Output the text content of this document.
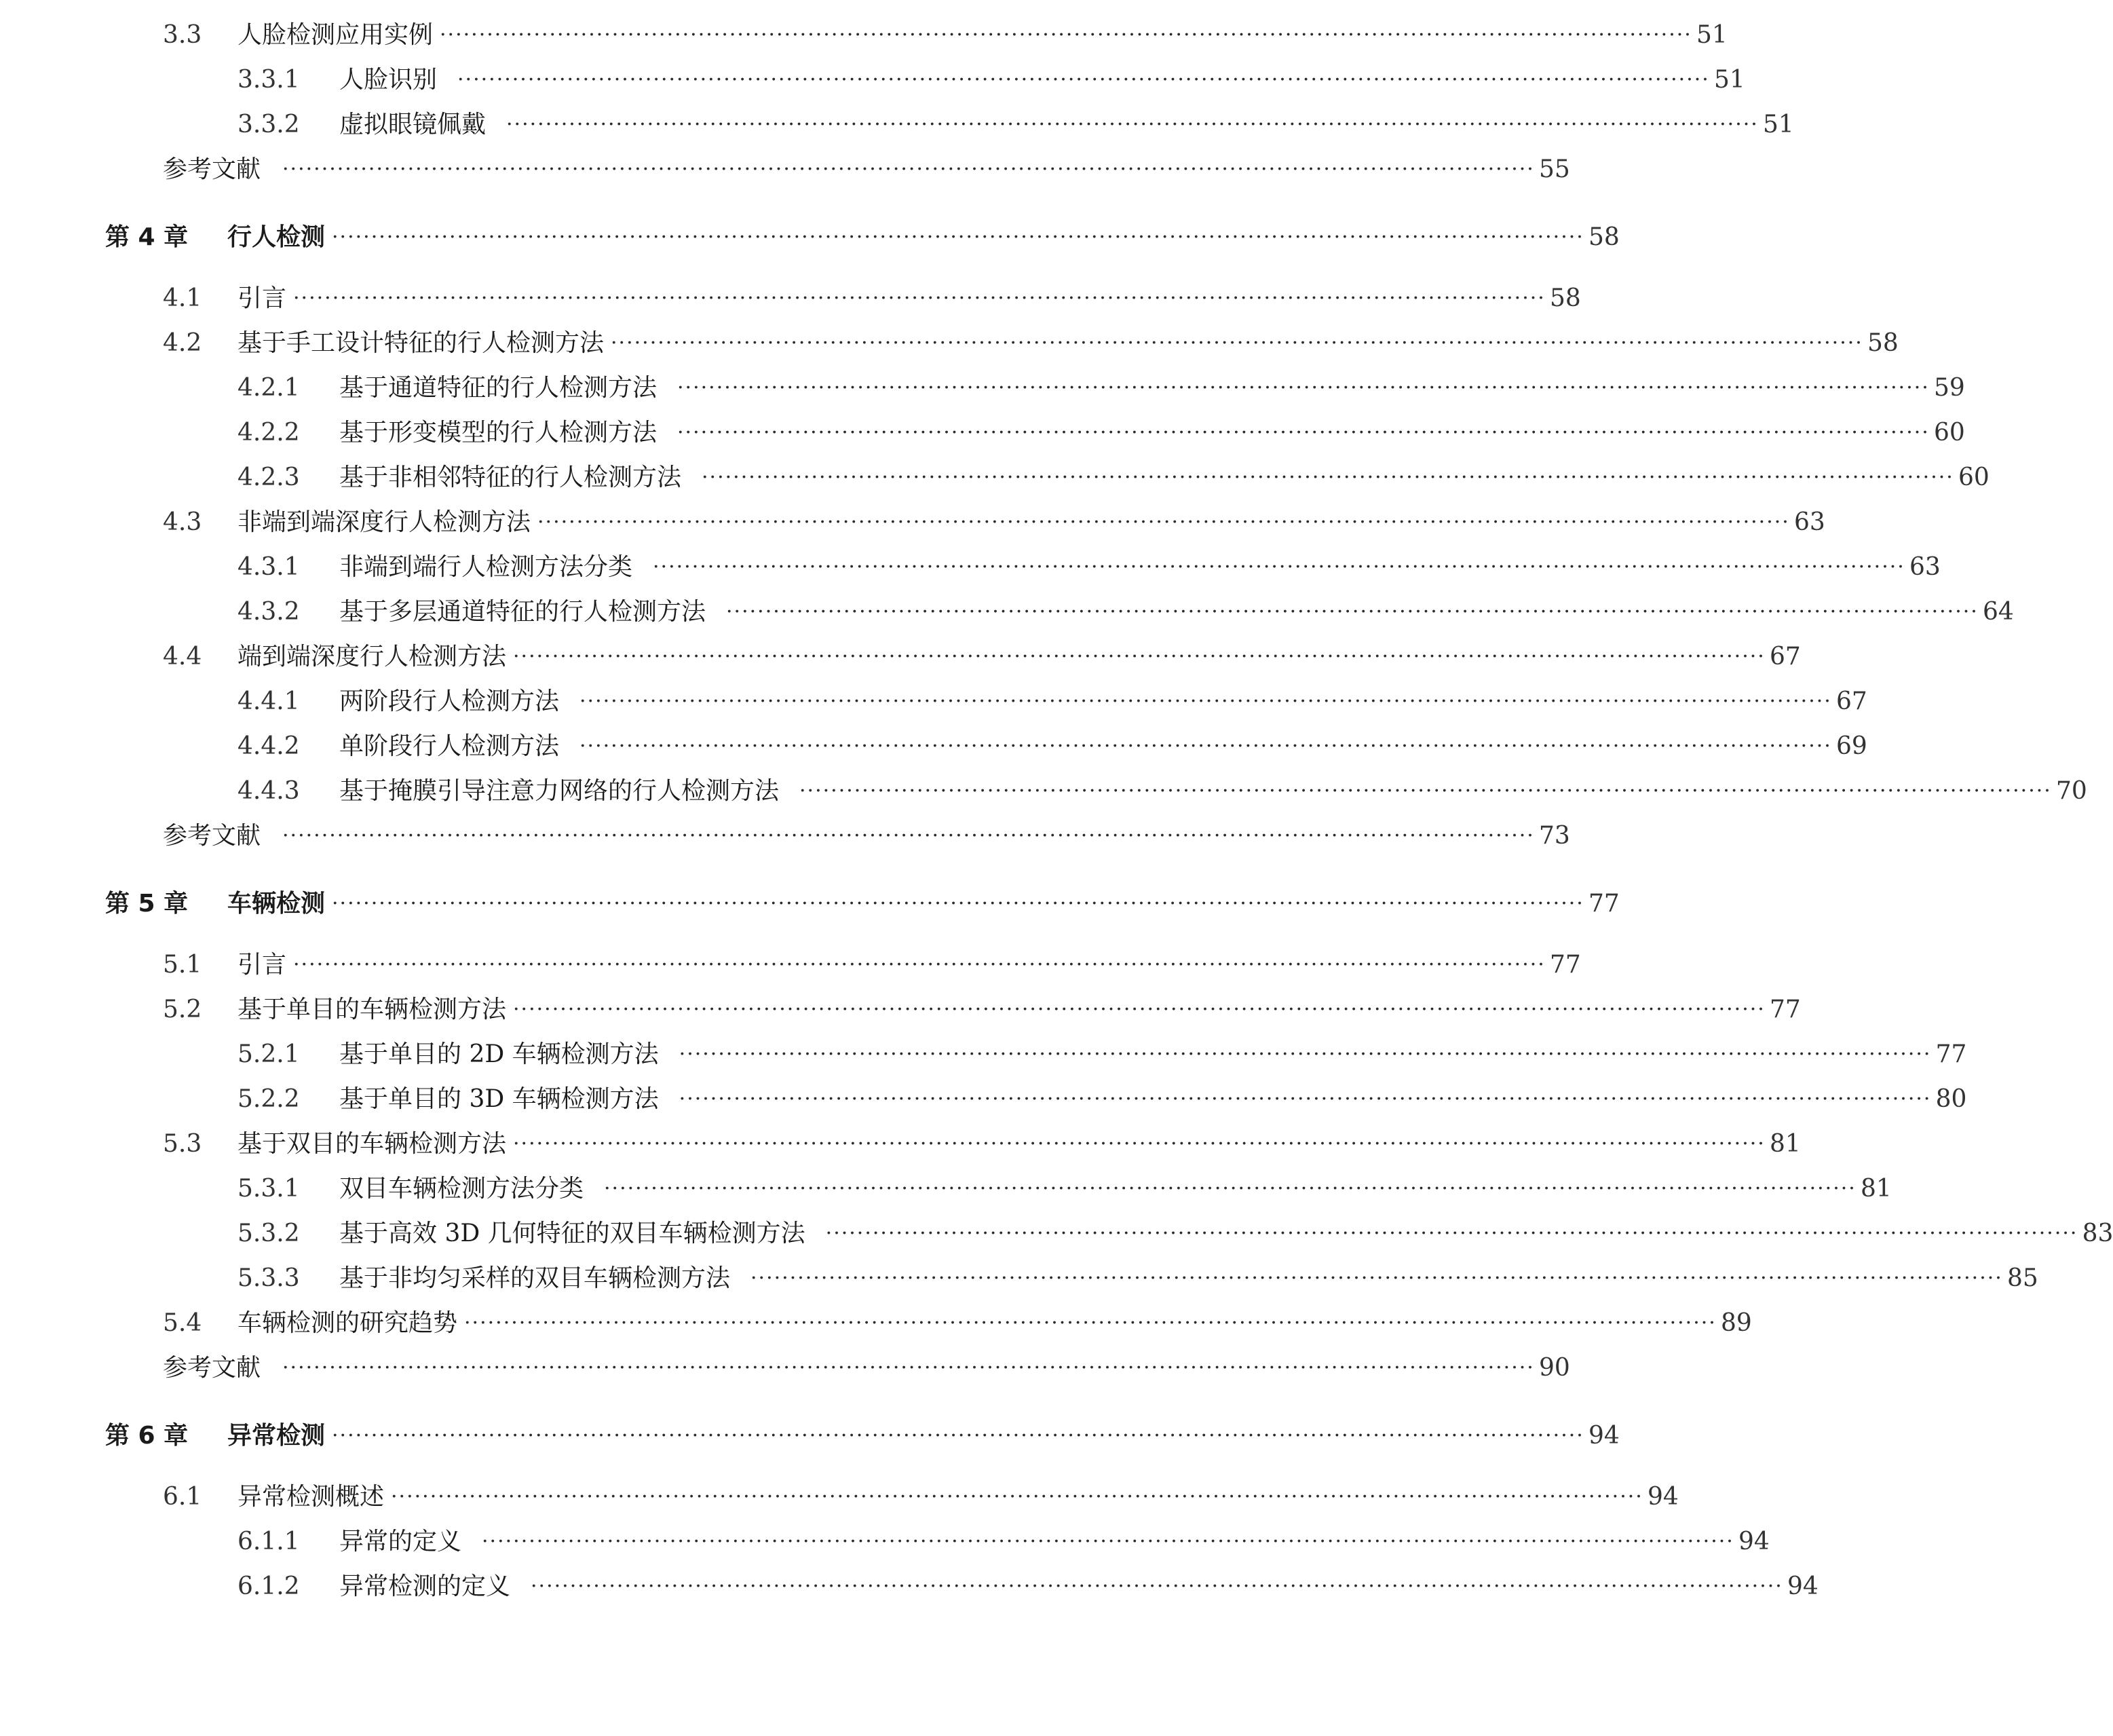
3.3	人脸检测应用实例 ································································································································································ 51
3.3.1	人脸识别	································································································································································ 51
3.3.2	虚拟眼镜佩戴	································································································································································ 51
参考文献	································································································································································ 55
第 4 章	行人检测 ································································································································································ 58
4.1	引言 ································································································································································ 58
4.2	基于手工设计特征的行人检测方法 ································································································································································ 58
4.2.1	基于通道特征的行人检测方法	································································································································································ 59
4.2.2	基于形变模型的行人检测方法	································································································································································ 60
4.2.3	基于非相邻特征的行人检测方法	································································································································································ 60
4.3	非端到端深度行人检测方法 ································································································································································ 63
4.3.1	非端到端行人检测方法分类	································································································································································ 63
4.3.2	基于多层通道特征的行人检测方法	································································································································································ 64
4.4	端到端深度行人检测方法 ································································································································································ 67
4.4.1	两阶段行人检测方法	································································································································································ 67
4.4.2	单阶段行人检测方法	································································································································································ 69
4.4.3	基于掩膜引导注意力网络的行人检测方法	································································································································································ 70
参考文献	································································································································································ 73
第 5 章	车辆检测 ································································································································································ 77
5.1	引言 ································································································································································ 77
5.2	基于单目的车辆检测方法 ································································································································································ 77
5.2.1	基于单目的 2D 车辆检测方法	································································································································································ 77
5.2.2	基于单目的 3D 车辆检测方法	································································································································································ 80
5.3	基于双目的车辆检测方法 ································································································································································ 81
5.3.1	双目车辆检测方法分类	································································································································································ 81
5.3.2	基于高效 3D 几何特征的双目车辆检测方法	································································································································································ 83
5.3.3	基于非均匀采样的双目车辆检测方法	································································································································································ 85
5.4	车辆检测的研究趋势 ································································································································································ 89
参考文献	································································································································································ 90
第 6 章	异常检测 ································································································································································ 94
6.1	异常检测概述 ································································································································································ 94
6.1.1	异常的定义	································································································································································ 94
6.1.2	异常检测的定义	································································································································································ 94
